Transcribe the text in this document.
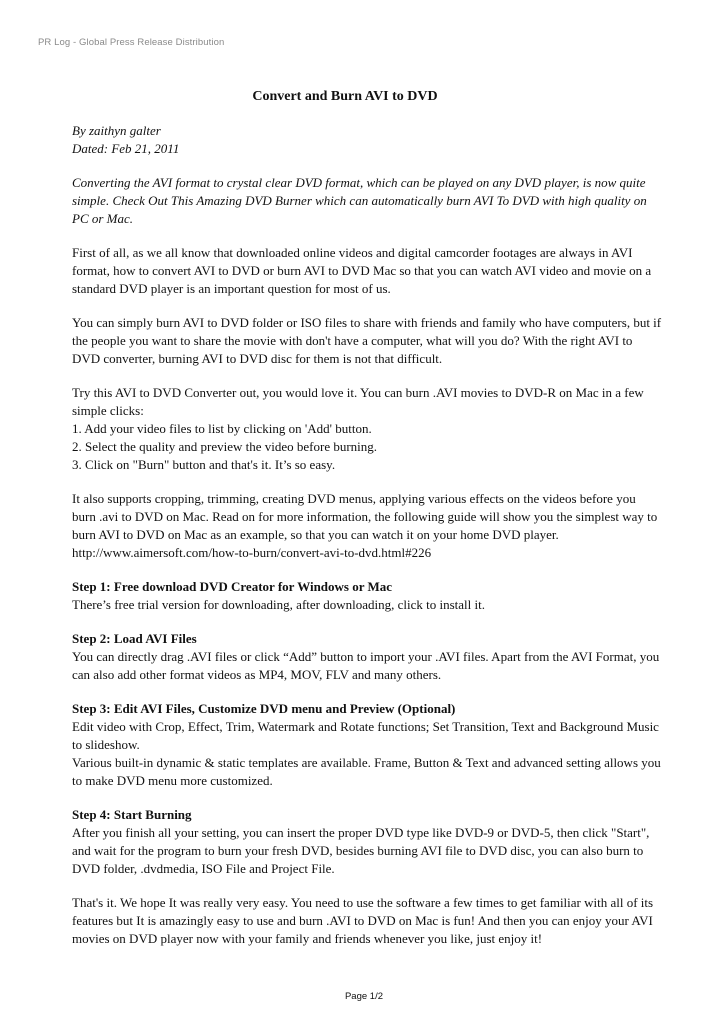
PR Log - Global Press Release Distribution
Convert and Burn AVI to DVD

By zaithyn galter

Dated: Feb 21, 2011

Converting the AVI format to crystal clear DVD format, which can be played on any DVD player, is now quite simple. Check Out This Amazing DVD Burner which can automatically burn AVI To DVD with high quality on PC or Mac.

First of all, as we all know that downloaded online videos and digital camcorder footages are always in AVI format, how to convert AVI to DVD or burn AVI to DVD Mac so that you can watch AVI video and movie on a standard DVD player is an important question for most of us.

You can simply burn AVI to DVD folder or ISO files to share with friends and family who have computers, but if the people you want to share the movie with don't have a computer, what will you do? With the right AVI to DVD converter, burning AVI to DVD disc for them is not that difficult.

Try this AVI to DVD Converter out, you would love it. You can burn .AVI movies to DVD-R on Mac in a few simple clicks:
1. Add your video files to list by clicking on 'Add' button.
2. Select the quality and preview the video before burning.
3. Click on "Burn" button and that's it. It’s so easy.
It also supports cropping, trimming, creating DVD menus, applying various effects on the videos before you burn .avi to DVD on Mac. Read on for more information, the following guide will show you the simplest way to burn AVI to DVD on Mac as an example, so that you can watch it on your home DVD player.
http://www.aimersoft.com/how-to-burn/convert-avi-to-dvd.html#226
Step 1: Free download DVD Creator for Windows or Mac
There’s free trial version for downloading, after downloading, click to install it.
Step 2: Load AVI Files
You can directly drag .AVI files or click “Add” button to import your .AVI files. Apart from the AVI Format, you can also add other format videos as MP4, MOV, FLV and many others.
Step 3: Edit AVI Files, Customize DVD menu and Preview (Optional)
Edit video with Crop, Effect, Trim, Watermark and Rotate functions; Set Transition, Text and Background Music to slideshow.
Various built-in dynamic & static templates are available. Frame, Button & Text and advanced setting allows you to make DVD menu more customized.
Step 4: Start Burning
After you finish all your setting, you can insert the proper DVD type like DVD-9 or DVD-5, then click "Start", and wait for the program to burn your fresh DVD, besides burning AVI file to DVD disc, you can also burn to DVD folder, .dvdmedia, ISO File and Project File.

That's it. We hope It was really very easy. You need to use the software a few times to get familiar with all of its features but It is amazingly easy to use and burn .AVI to DVD on Mac is fun! And then you can enjoy your AVI movies on DVD player now with your family and friends whenever you like, just enjoy it!

Page 1/2
